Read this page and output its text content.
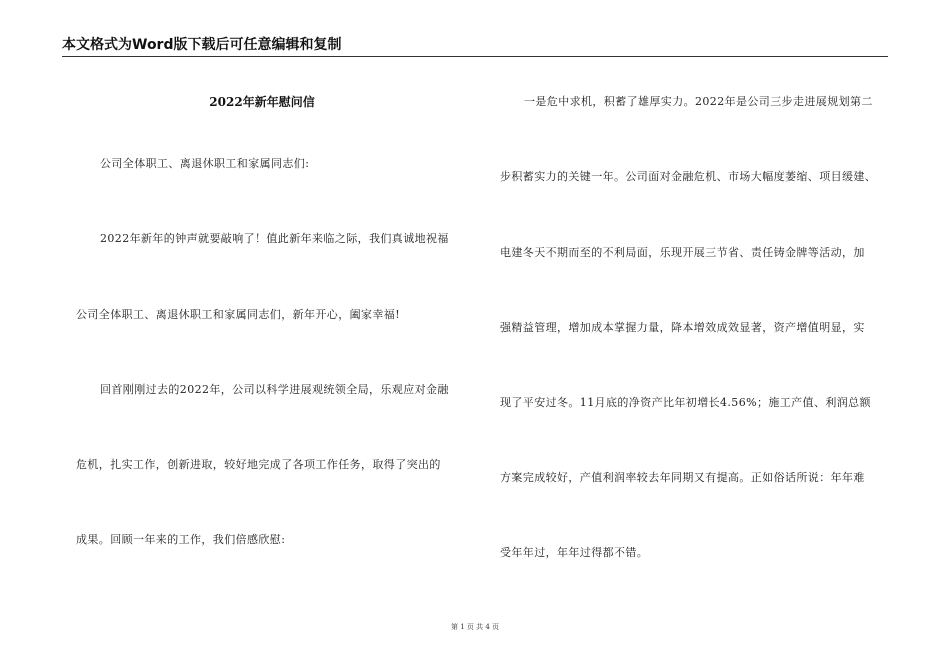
本文格式为Word版下载后可任意编辑和复制
2022年新年慰问信
公司全体职工、离退休职工和家属同志们:
2022年新年的钟声就要敲响了！值此新年来临之际，我们真诚地祝福
公司全体职工、离退休职工和家属同志们，新年开心，阖家幸福!
回首刚刚过去的2022年，公司以科学进展观统领全局，乐观应对金融
危机，扎实工作，创新进取，较好地完成了各项工作任务，取得了突出的
成果。回顾一年来的工作，我们倍感欣慰:
一是危中求机，积蓄了雄厚实力。2022年是公司三步走进展规划第二
步积蓄实力的关键一年。公司面对金融危机、市场大幅度萎缩、项目缓建、
电建冬天不期而至的不利局面，乐现开展三节省、责任铸金牌等活动，加
强精益管理，增加成本掌握力量，降本增效成效显著，资产增值明显，实
现了平安过冬。11月底的净资产比年初增长4.56%；施工产值、利润总额
方案完成较好，产值利润率较去年同期又有提高。正如俗话所说：年年难
受年年过，年年过得都不错。
第 1 页 共 4 页
